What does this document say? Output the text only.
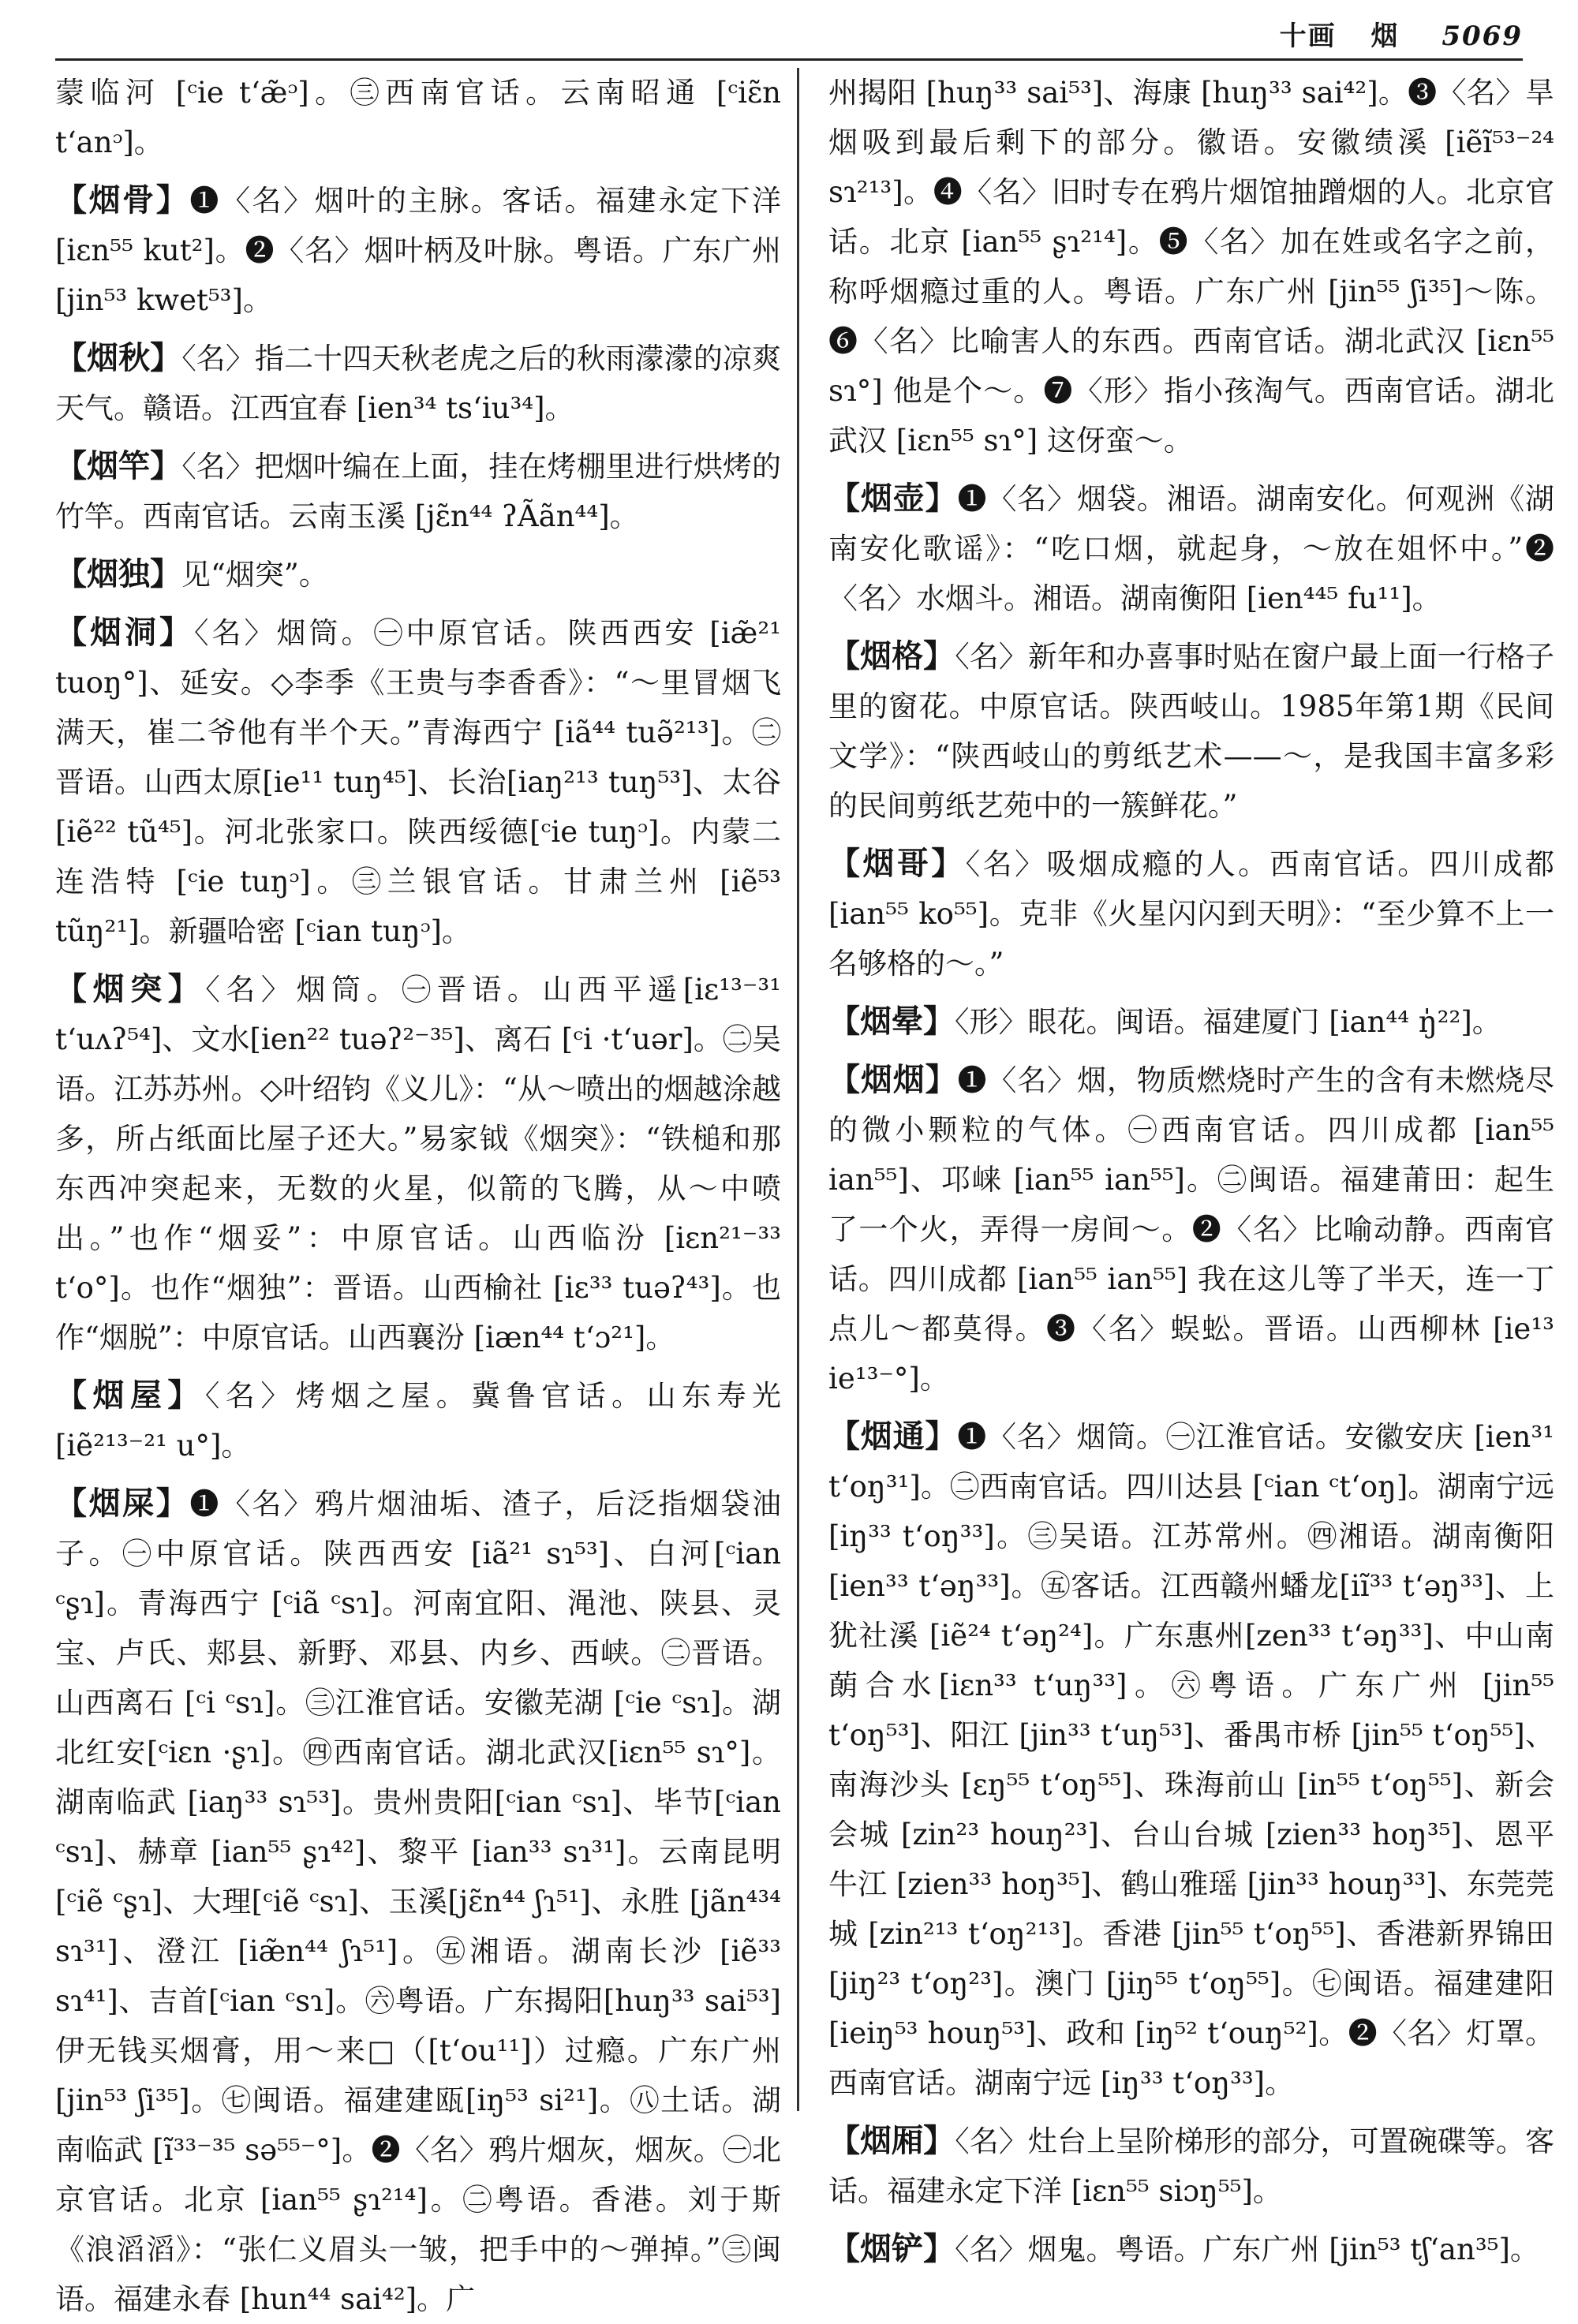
十画 烟 5069

蒙临河 [ᶜie tʻæ̃ᵓ]。㊂西南官话。云南昭通 [ᶜiɛ̃n tʻanᵓ]。

【烟骨】❶〈名〉烟叶的主脉。客话。福建永定下洋[iɛn⁵⁵ kut²]。❷〈名〉烟叶柄及叶脉。粤语。广东广州 [jin⁵³ kwet⁵³]。

【烟秋】〈名〉指二十四天秋老虎之后的秋雨濛濛的凉爽天气。赣语。江西宜春 [ien³⁴ tsʻiu³⁴]。

【烟竿】〈名〉把烟叶编在上面，挂在烤棚里进行烘烤的竹竿。西南官话。云南玉溪 [jɛ̃n⁴⁴ ʔÃãn⁴⁴]。

【烟独】见“烟突”。

【烟洞】〈名〉烟筒。㊀中原官话。陕西西安 [iæ̃²¹ tuoŋ°]、延安。◇李季《王贵与李香香》：“～里冒烟飞满天，崔二爷他有半个天。”青海西宁 [iã⁴⁴ tuə̃²¹³]。㊁晋语。山西太原[ie¹¹ tuŋ⁴⁵]、长治[iaŋ²¹³ tuŋ⁵³]、太谷 [iẽ²² tũ⁴⁵]。河北张家口。陕西绥德[ᶜie tuŋᵓ]。内蒙二连浩特 [ᶜie tuŋᵓ]。㊂兰银官话。甘肃兰州 [iẽ⁵³ tũŋ²¹]。新疆哈密 [ᶜian tuŋᵓ]。

【烟突】〈名〉烟筒。㊀晋语。山西平遥[iɛ¹³⁻³¹ tʻuʌʔ⁵⁴]、文水[ien²² tuəʔ²⁻³⁵]、离石 [ᶜi ·tʻuər]。㊁吴语。江苏苏州。◇叶绍钧《义儿》：“从～喷出的烟越涂越多，所占纸面比屋子还大。”易家钺《烟突》：“铁槌和那东西冲突起来，无数的火星，似箭的飞腾，从～中喷出。”也作“烟妥”：中原官话。山西临汾 [iɛn²¹⁻³³ tʻo°]。也作“烟独”：晋语。山西榆社 [iɛ³³ tuəʔ⁴³]。也作“烟脱”：中原官话。山西襄汾 [iæn⁴⁴ tʻɔ²¹]。

【烟屋】〈名〉烤烟之屋。冀鲁官话。山东寿光 [iẽ²¹³⁻²¹ u°]。

【烟屎】❶〈名〉鸦片烟油垢、渣子，后泛指烟袋油子。㊀中原官话。陕西西安 [iã²¹ sɿ⁵³]、白河[ᶜian ᶜʂɿ]。青海西宁 [ᶜiã ᶜsɿ]。河南宜阳、渑池、陕县、灵宝、卢氏、郏县、新野、邓县、内乡、西峡。㊁晋语。山西离石 [ᶜi ᶜsɿ]。㊂江淮官话。安徽芜湖 [ᶜie ᶜsɿ]。湖北红安[ᶜiɛn ·ʂɿ]。㊃西南官话。湖北武汉[iɛn⁵⁵ sɿ°]。湖南临武 [iaŋ³³ sɿ⁵³]。贵州贵阳[ᶜian ᶜsɿ]、毕节[ᶜian ᶜsɿ]、赫章 [ian⁵⁵ ʂɿ⁴²]、黎平 [ian³³ sɿ³¹]。云南昆明[ᶜiẽ ᶜʂɿ]、大理[ᶜiẽ ᶜsɿ]、玉溪[jɛ̃n⁴⁴ ʃɿ⁵¹]、永胜 [jãn⁴³⁴ sɿ³¹]、澄江 [iæ̃n⁴⁴ ʃɿ⁵¹]。㊄湘语。湖南长沙 [iẽ³³ sɿ⁴¹]、吉首[ᶜian ᶜsɿ]。㊅粤语。广东揭阳[huŋ³³ sai⁵³]伊无钱买烟膏，用～来□（[tʻou¹¹]）过瘾。广东广州 [jin⁵³ ʃi³⁵]。㊆闽语。福建建瓯[iŋ⁵³ si²¹]。㊇土话。湖南临武 [ĩ³³⁻³⁵ sə⁵⁵⁻°]。❷〈名〉鸦片烟灰，烟灰。㊀北京官话。北京 [ian⁵⁵ ʂɿ²¹⁴]。㊁粤语。香港。刘于斯《浪滔滔》：“张仁义眉头一皱，把手中的～弹掉。”㊂闽语。福建永春 [hun⁴⁴ sai⁴²]。广

州揭阳 [huŋ³³ sai⁵³]、海康 [huŋ³³ sai⁴²]。❸〈名〉旱烟吸到最后剩下的部分。徽语。安徽绩溪 [iẽĩ⁵³⁻²⁴ sɿ²¹³]。❹〈名〉旧时专在鸦片烟馆抽蹭烟的人。北京官话。北京 [ian⁵⁵ ʂɿ²¹⁴]。❺〈名〉加在姓或名字之前，称呼烟瘾过重的人。粤语。广东广州 [jin⁵⁵ ʃi³⁵]～陈。❻〈名〉比喻害人的东西。西南官话。湖北武汉 [iɛn⁵⁵ sɿ°] 他是个～。❼〈形〉指小孩淘气。西南官话。湖北武汉 [iɛn⁵⁵ sɿ°] 这伢蛮～。

【烟壶】❶〈名〉烟袋。湘语。湖南安化。何观洲《湖南安化歌谣》：“吃口烟，就起身，～放在姐怀中。”❷〈名〉水烟斗。湘语。湖南衡阳 [ien⁴⁴⁵ fu¹¹]。

【烟格】〈名〉新年和办喜事时贴在窗户最上面一行格子里的窗花。中原官话。陕西岐山。1985年第1期《民间文学》：“陕西岐山的剪纸艺术——～，是我国丰富多彩的民间剪纸艺苑中的一簇鲜花。”

【烟哥】〈名〉吸烟成瘾的人。西南官话。四川成都 [ian⁵⁵ ko⁵⁵]。克非《火星闪闪到天明》：“至少算不上一名够格的～。”

【烟晕】〈形〉眼花。闽语。福建厦门 [ian⁴⁴ ŋ̍²²]。

【烟烟】❶〈名〉烟，物质燃烧时产生的含有未燃烧尽的微小颗粒的气体。㊀西南官话。四川成都 [ian⁵⁵ ian⁵⁵]、邛崃 [ian⁵⁵ ian⁵⁵]。㊁闽语。福建莆田：起生了一个火，弄得一房间～。❷〈名〉比喻动静。西南官话。四川成都 [ian⁵⁵ ian⁵⁵] 我在这儿等了半天，连一丁点儿～都莫得。❸〈名〉蜈蚣。晋语。山西柳林 [ie¹³ ie¹³⁻°]。

【烟通】❶〈名〉烟筒。㊀江淮官话。安徽安庆 [ien³¹ tʻoŋ³¹]。㊁西南官话。四川达县 [ᶜian ᶜtʻoŋ]。湖南宁远 [iŋ³³ tʻoŋ³³]。㊂吴语。江苏常州。㊃湘语。湖南衡阳 [ien³³ tʻəŋ³³]。㊄客话。江西赣州蟠龙[iĩ³³ tʻəŋ³³]、上犹社溪 [iẽ²⁴ tʻəŋ²⁴]。广东惠州[zen³³ tʻəŋ³³]、中山南蓢合水[iɛn³³ tʻuŋ³³]。㊅粤语。广东广州 [jin⁵⁵ tʻoŋ⁵³]、阳江 [jin³³ tʻuŋ⁵³]、番禺市桥 [jin⁵⁵ tʻoŋ⁵⁵]、南海沙头 [ɛŋ⁵⁵ tʻoŋ⁵⁵]、珠海前山 [in⁵⁵ tʻoŋ⁵⁵]、新会会城 [zin²³ houŋ²³]、台山台城 [zien³³ hoŋ³⁵]、恩平牛江 [zien³³ hoŋ³⁵]、鹤山雅瑶 [jin³³ houŋ³³]、东莞莞城 [zin²¹³ tʻoŋ²¹³]。香港 [jin⁵⁵ tʻoŋ⁵⁵]、香港新界锦田[jiŋ²³ tʻoŋ²³]。澳门 [jiŋ⁵⁵ tʻoŋ⁵⁵]。㊆闽语。福建建阳 [ieiŋ⁵³ houŋ⁵³]、政和 [iŋ⁵² tʻouŋ⁵²]。❷〈名〉灯罩。西南官话。湖南宁远 [iŋ³³ tʻoŋ³³]。

【烟厢】〈名〉灶台上呈阶梯形的部分，可置碗碟等。客话。福建永定下洋 [iɛn⁵⁵ siɔŋ⁵⁵]。

【烟铲】〈名〉烟鬼。粤语。广东广州 [jin⁵³ tʃʻan³⁵]。
